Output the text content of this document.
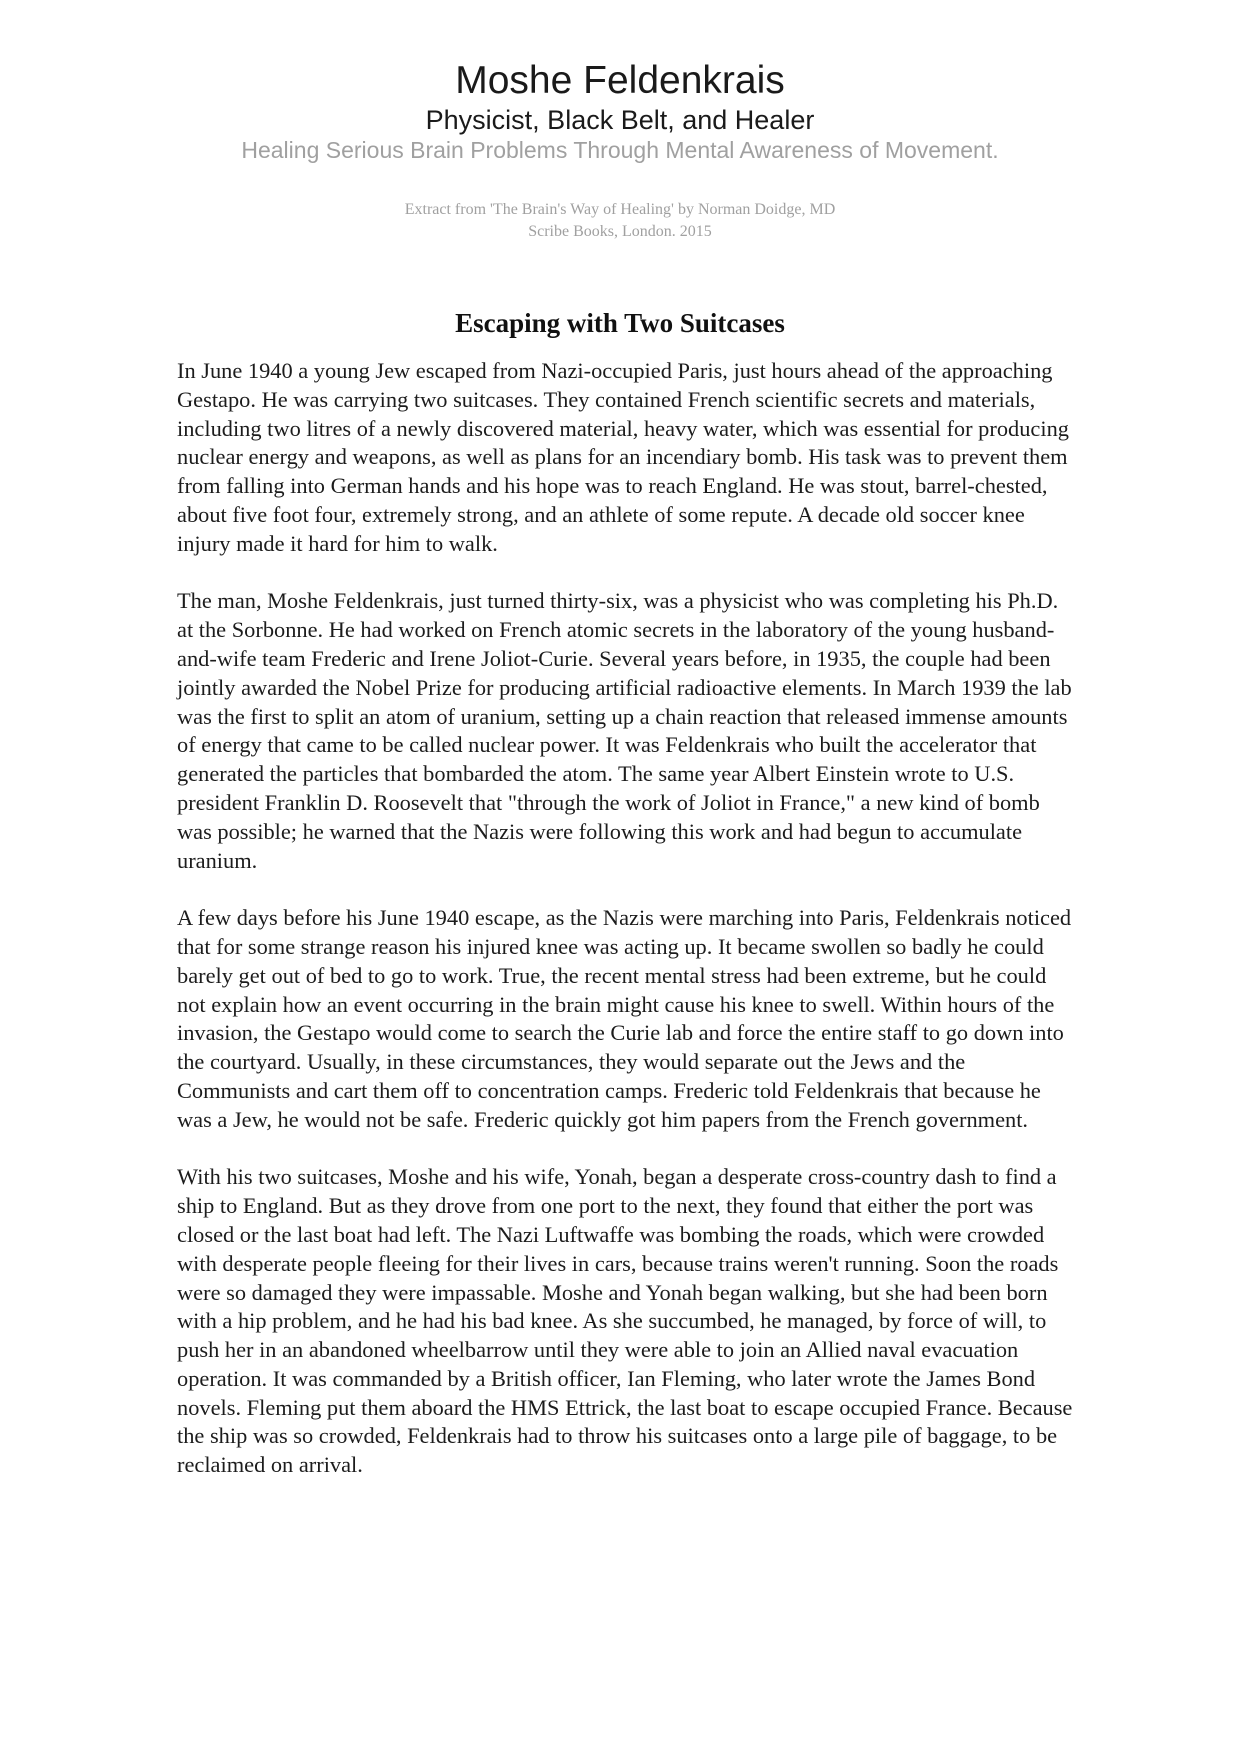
Moshe Feldenkrais
Physicist, Black Belt, and Healer
Healing Serious Brain Problems Through Mental Awareness of Movement.
Extract from 'The Brain's Way of Healing' by Norman Doidge, MD
Scribe Books, London. 2015
Escaping with Two Suitcases

In June 1940 a young Jew escaped from Nazi-occupied Paris, just hours ahead of the approaching Gestapo. He was carrying two suitcases. They contained French scientific secrets and materials, including two litres of a newly discovered material, heavy water, which was essential for producing nuclear energy and weapons, as well as plans for an incendiary bomb. His task was to prevent them from falling into German hands and his hope was to reach England. He was stout, barrel-chested, about five foot four, extremely strong, and an athlete of some repute. A decade old soccer knee injury made it hard for him to walk.

The man, Moshe Feldenkrais, just turned thirty-six, was a physicist who was completing his Ph.D. at the Sorbonne. He had worked on French atomic secrets in the laboratory of the young husband-and-wife team Frederic and Irene Joliot-Curie. Several years before, in 1935, the couple had been jointly awarded the Nobel Prize for producing artificial radioactive elements. In March 1939 the lab was the first to split an atom of uranium, setting up a chain reaction that released immense amounts of energy that came to be called nuclear power. It was Feldenkrais who built the accelerator that generated the particles that bombarded the atom. The same year Albert Einstein wrote to U.S. president Franklin D. Roosevelt that "through the work of Joliot in France," a new kind of bomb was possible; he warned that the Nazis were following this work and had begun to accumulate uranium.

A few days before his June 1940 escape, as the Nazis were marching into Paris, Feldenkrais noticed that for some strange reason his injured knee was acting up. It became swollen so badly he could barely get out of bed to go to work. True, the recent mental stress had been extreme, but he could not explain how an event occurring in the brain might cause his knee to swell. Within hours of the invasion, the Gestapo would come to search the Curie lab and force the entire staff to go down into the courtyard. Usually, in these circumstances, they would separate out the Jews and the Communists and cart them off to concentration camps. Frederic told Feldenkrais that because he was a Jew, he would not be safe. Frederic quickly got him papers from the French government.

With his two suitcases, Moshe and his wife, Yonah, began a desperate cross-country dash to find a ship to England. But as they drove from one port to the next, they found that either the port was closed or the last boat had left. The Nazi Luftwaffe was bombing the roads, which were crowded with desperate people fleeing for their lives in cars, because trains weren't running. Soon the roads were so damaged they were impassable. Moshe and Yonah began walking, but she had been born with a hip problem, and he had his bad knee. As she succumbed, he managed, by force of will, to push her in an abandoned wheelbarrow until they were able to join an Allied naval evacuation operation. It was commanded by a British officer, Ian Fleming, who later wrote the James Bond novels. Fleming put them aboard the HMS Ettrick, the last boat to escape occupied France. Because the ship was so crowded, Feldenkrais had to throw his suitcases onto a large pile of baggage, to be reclaimed on arrival.
